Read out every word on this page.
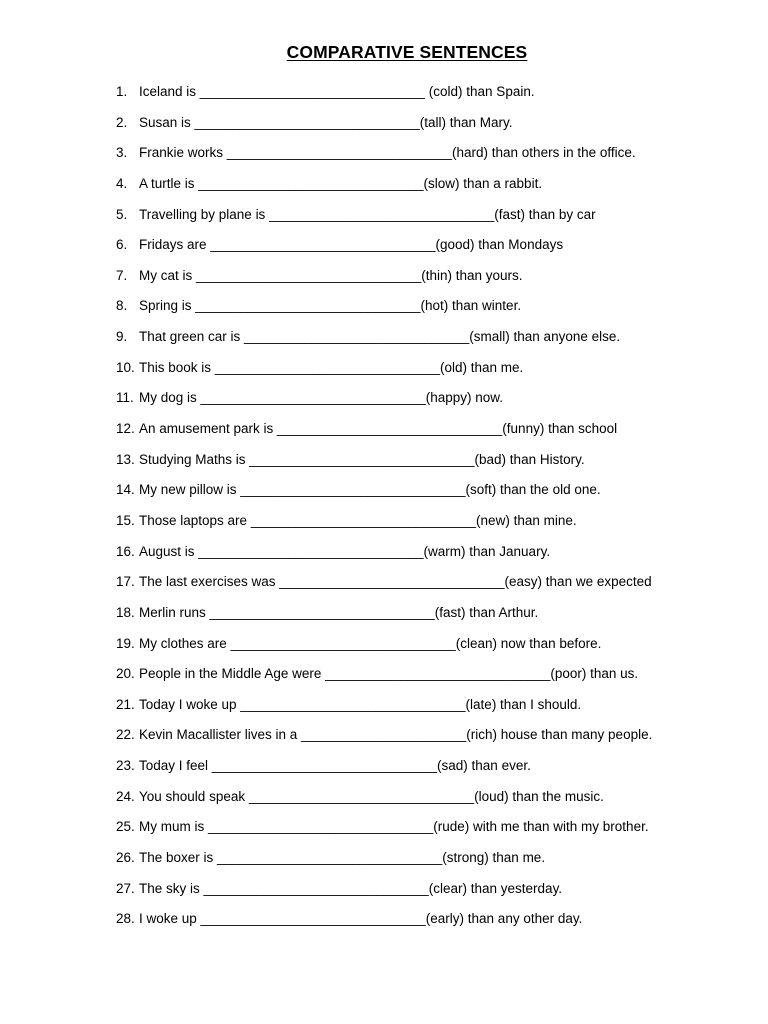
COMPARATIVE SENTENCES
1. Iceland is ______________________________ (cold) than Spain.
2. Susan is ______________________________(tall) than Mary.
3. Frankie works ______________________________(hard) than others in the office.
4. A turtle is ______________________________(slow) than a rabbit.
5. Travelling by plane is ______________________________(fast) than by car
6. Fridays are ______________________________(good) than Mondays
7. My cat is ______________________________(thin) than yours.
8. Spring is ______________________________(hot) than winter.
9. That green car is ______________________________(small) than anyone else.
10. This book is ______________________________(old) than me.
11. My dog is ______________________________(happy) now.
12. An amusement park is ______________________________(funny) than school
13. Studying Maths is ______________________________(bad) than History.
14. My new pillow is ______________________________(soft) than the old one.
15. Those laptops are ______________________________(new) than mine.
16. August is ______________________________(warm) than January.
17. The last exercises was ______________________________(easy) than we expected
18. Merlin runs ______________________________(fast) than Arthur.
19. My clothes are ______________________________(clean) now than before.
20. People in the Middle Age were ______________________________(poor) than us.
21. Today I woke up ______________________________(late) than I should.
22. Kevin Macallister lives in a ______________________(rich) house than many people.
23. Today I feel ______________________________(sad) than ever.
24. You should speak ______________________________(loud) than the music.
25. My mum is ______________________________(rude) with me than with my brother.
26. The boxer is ______________________________(strong) than me.
27. The sky is ______________________________(clear) than yesterday.
28. I woke up ______________________________(early) than any other day.
